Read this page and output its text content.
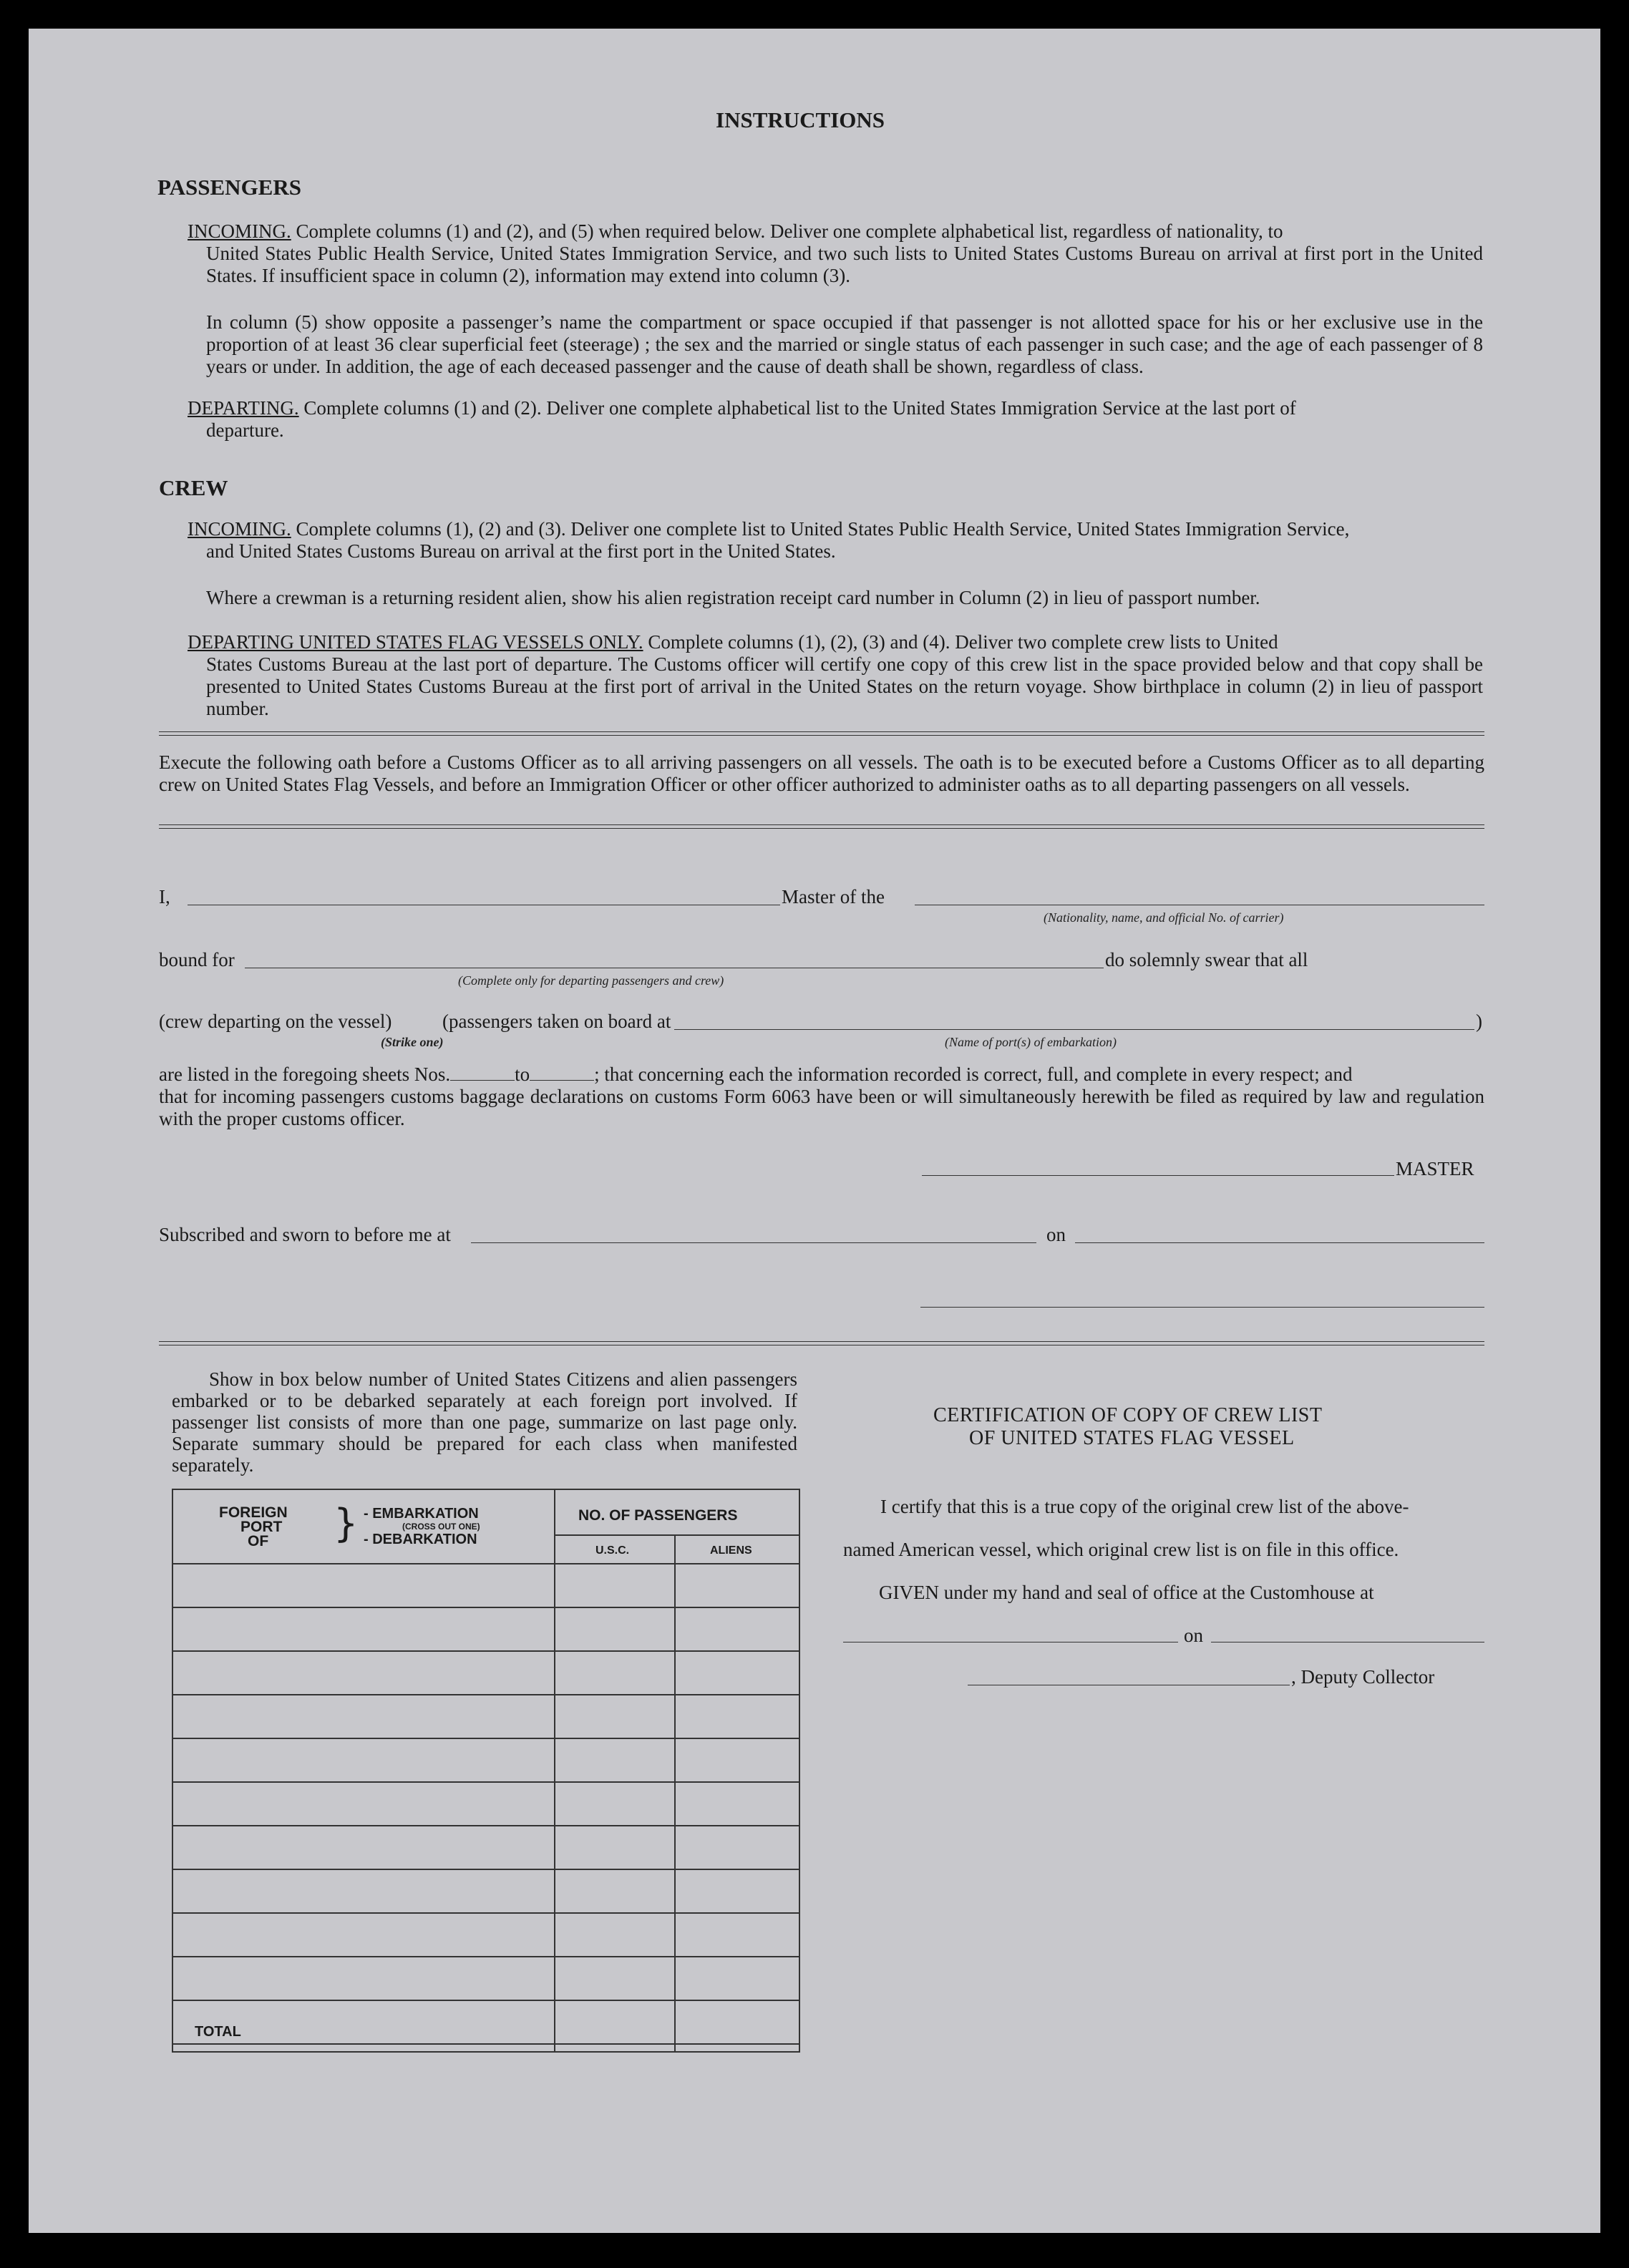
INSTRUCTIONS
PASSENGERS
INCOMING. Complete columns (1) and (2), and (5) when required below. Deliver one complete alphabetical list, regardless of nationality, to
United States Public Health Service, United States Immigration Service, and two such lists to United States Customs Bureau on arrival at first port in the United States. If insufficient space in column (2), information may extend into column (3).
In column (5) show opposite a passenger’s name the compartment or space occupied if that passenger is not allotted space for his or her exclusive use in the proportion of at least 36 clear superficial feet (steerage) ; the sex and the married or single status of each passenger in such case; and the age of each passenger of 8 years or under. In addition, the age of each deceased passenger and the cause of death shall be shown, regardless of class.
DEPARTING. Complete columns (1) and (2). Deliver one complete alphabetical list to the United States Immigration Service at the last port of
departure.
CREW
INCOMING. Complete columns (1), (2) and (3). Deliver one complete list to United States Public Health Service, United States Immigration Service,
and United States Customs Bureau on arrival at the first port in the United States.
Where a crewman is a returning resident alien, show his alien registration receipt card number in Column (2) in lieu of passport number.
DEPARTING UNITED STATES FLAG VESSELS ONLY. Complete columns (1), (2), (3) and (4). Deliver two complete crew lists to United
States Customs Bureau at the last port of departure. The Customs officer will certify one copy of this crew list in the space provided below and that copy shall be presented to United States Customs Bureau at the first port of arrival in the United States on the return voyage. Show birthplace in column (2) in lieu of passport number.
Execute the following oath before a Customs Officer as to all arriving passengers on all vessels. The oath is to be executed before a Customs Officer as to all departing crew on United States Flag Vessels, and before an Immigration Officer or other officer authorized to administer oaths as to all departing passengers on all vessels.
I,	Master of the
(Nationality, name, and official No. of carrier)
bound for
(Complete only for departing passengers and crew)
do solemnly swear that all
(crew departing on the vessel)
(Strike one)
(passengers taken on board at	)
(Name of port(s) of embarkation)
are listed in the foregoing sheets Nos.	to	; that concerning each the information recorded is correct, full, and complete in every respect; and
that for incoming passengers customs baggage declarations on customs Form 6063 have been or will simultaneously herewith be filed as required by law and regulation with the proper customs officer.
MASTER
Subscribed and sworn to before me at	on
Show in box below number of United States Citizens and alien passengers embarked or to be debarked separately at each foreign port involved. If passenger list consists of more than one page, summarize on last page only. Separate summary should be prepared for each class when manifested separately.
FOREIGN
PORT
OF } - EMBARKATION
(CROSS OUT ONE)
- DEBARKATION
NO. OF PASSENGERS
U.S.C.	ALIENS
TOTAL
CERTIFICATION OF COPY OF CREW LIST
OF UNITED STATES FLAG VESSEL
I certify that this is a true copy of the original crew list of the above-
named American vessel, which original crew list is on file in this office.
GIVEN under my hand and seal of office at the Customhouse at
on
, Deputy Collector
